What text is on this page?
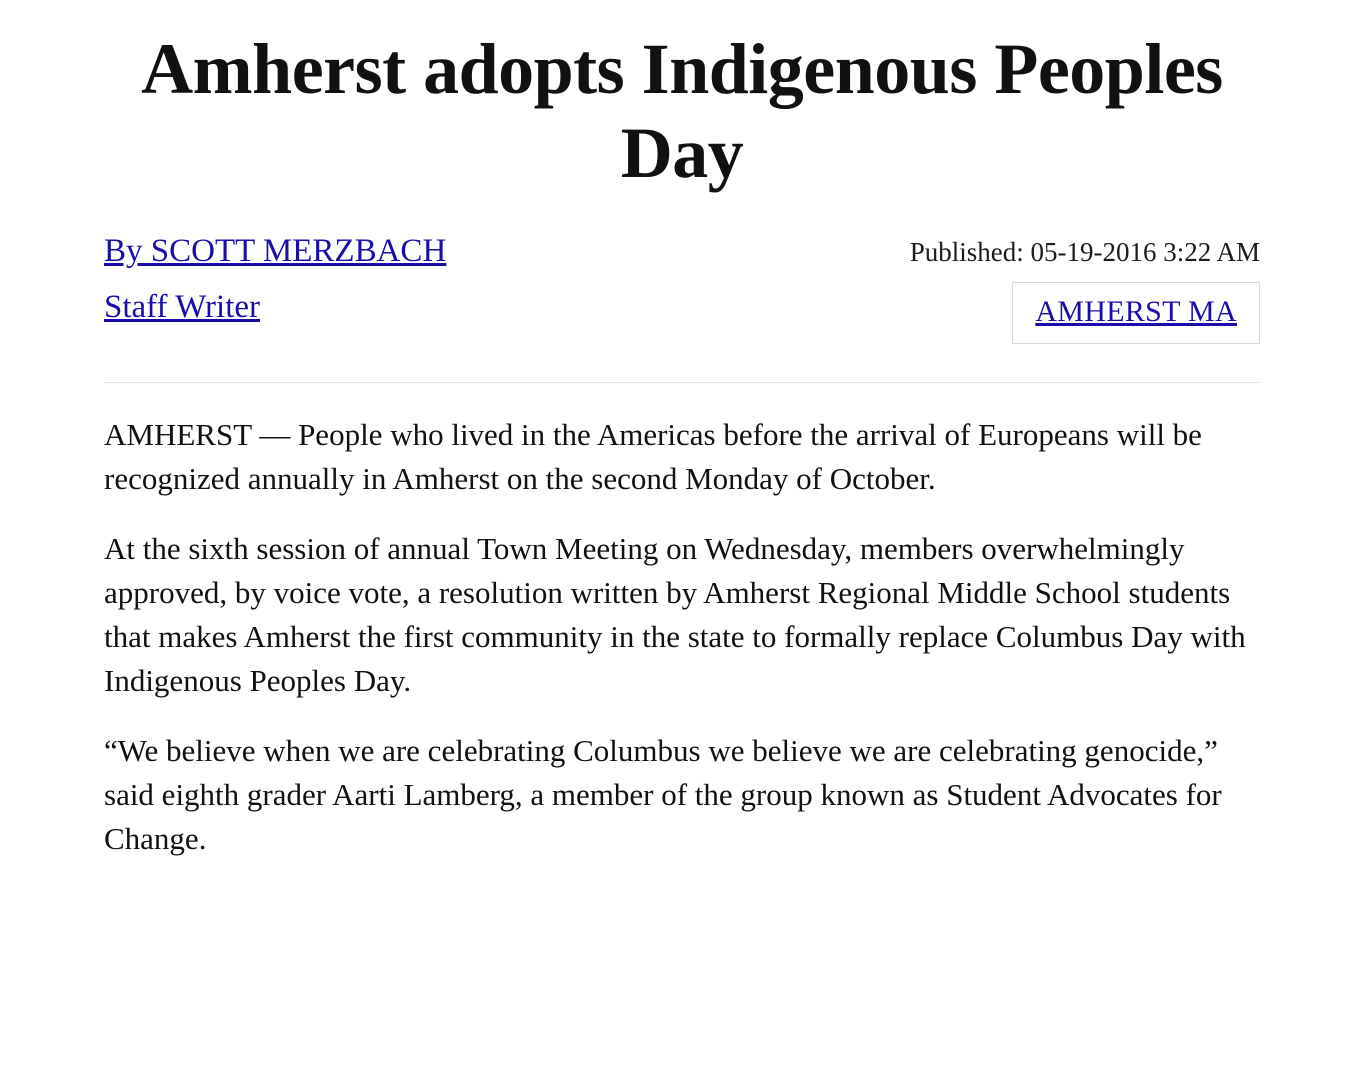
Amherst adopts Indigenous Peoples Day
By SCOTT MERZBACH
Staff Writer
Published: 05-19-2016 3:22 AM
AMHERST MA

AMHERST — People who lived in the Americas before the arrival of Europeans will be recognized annually in Amherst on the second Monday of October.

At the sixth session of annual Town Meeting on Wednesday, members overwhelmingly approved, by voice vote, a resolution written by Amherst Regional Middle School students that makes Amherst the first community in the state to formally replace Columbus Day with Indigenous Peoples Day.

“We believe when we are celebrating Columbus we believe we are celebrating genocide,” said eighth grader Aarti Lamberg, a member of the group known as Student Advocates for Change.
